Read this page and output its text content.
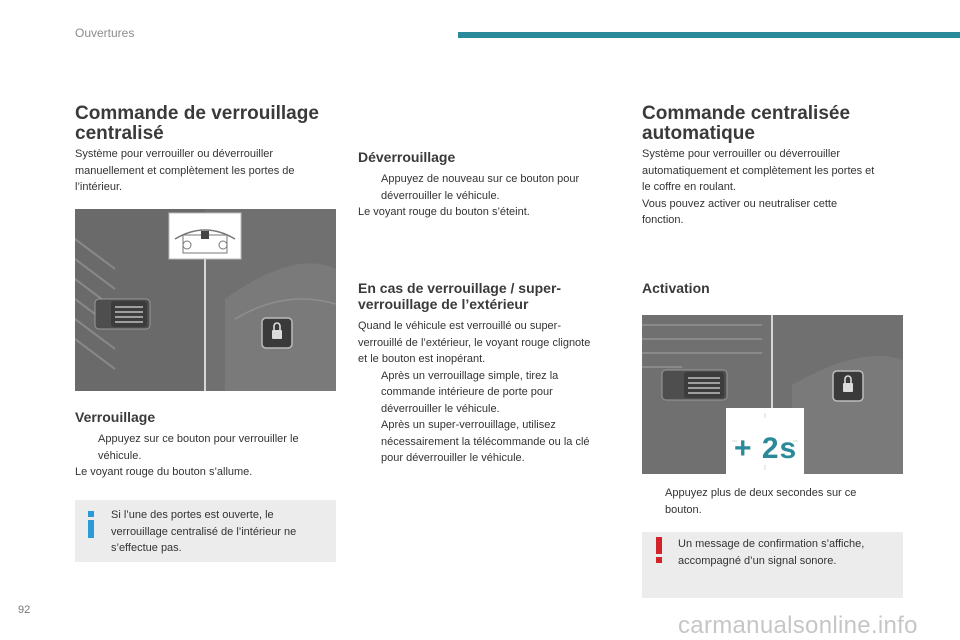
Ouvertures
Commande de verrouillage
centralisé
Système pour verrouiller ou déverrouiller
manuellement et complètement les portes de
l’intérieur.
Verrouillage
Appuyez sur ce bouton pour verrouiller le
véhicule.
Le voyant rouge du bouton s’allume.
Si l’une des portes est ouverte, le
verrouillage centralisé de l’intérieur ne
s’effectue pas.
Déverrouillage
Appuyez de nouveau sur ce bouton pour
déverrouiller le véhicule.
Le voyant rouge du bouton s’éteint.
En cas de verrouillage / super-
verrouillage de l’extérieur
Quand le véhicule est verrouillé ou super-
verrouillé de l’extérieur, le voyant rouge clignote
et le bouton est inopérant.
Après un verrouillage simple, tirez la
commande intérieure de porte pour
déverrouiller le véhicule.
Après un super-verrouillage, utilisez
nécessairement la télécommande ou la clé
pour déverrouiller le véhicule.
Commande centralisée
automatique
Système pour verrouiller ou déverrouiller
automatiquement et complètement les portes et
le coffre en roulant.
Vous pouvez activer ou neutraliser cette
fonction.
Activation
+ 2s
Appuyez plus de deux secondes sur ce
bouton.
Un message de confirmation s’affiche,
accompagné d’un signal sonore.
92
carmanualsonline.info
